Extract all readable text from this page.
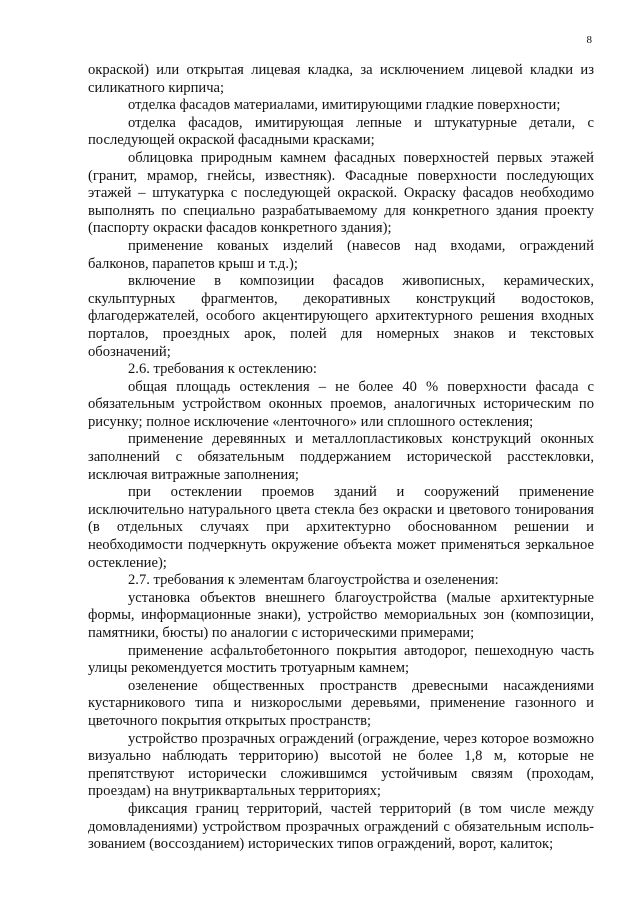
8

окраской) или открытая лицевая кладка, за исключением лицевой кладки из силикатного кирпича;

отделка фасадов материалами, имитирующими гладкие поверхности;

отделка фасадов, имитирующая лепные и штукатурные детали, с последующей окраской фасадными красками;

облицовка природным камнем фасадных поверхностей первых этажей (гранит, мрамор, гнейсы, известняк). Фасадные поверхности последующих этажей – штукатурка с последующей окраской. Окраску фасадов необходимо выполнять по специально разрабатываемому для конкретного здания проекту (паспорту окраски фасадов конкретного здания);

применение кованых изделий (навесов над входами, ограждений балконов, парапетов крыш и т.д.);

включение в композиции фасадов живописных, керамических, скульптурных фрагментов, декоративных конструкций водостоков, флагодержателей, особого акцентирующего архитектурного решения входных порталов, проездных арок, полей для номерных знаков и текстовых обозначений;

2.6. требования к остеклению:

общая площадь остекления – не более 40 % поверхности фасада с обязательным устройством оконных проемов, аналогичных историческим по рисунку; полное исключение «ленточного» или сплошного остекления;

применение деревянных и металлопластиковых конструкций оконных заполнений с обязательным поддержанием исторической расстекловки, исключая витражные заполнения;

при остеклении проемов зданий и сооружений применение исключительно натурального цвета стекла без окраски и цветового тонирования (в отдельных случаях при архитектурно обоснованном решении и необходимости подчеркнуть окружение объекта может применяться зеркальное остекление);

2.7. требования к элементам благоустройства и озеленения:

установка объектов внешнего благоустройства (малые архитектурные формы, информационные знаки), устройство мемориальных зон (композиции, памятники, бюсты) по аналогии с историческими примерами;

применение асфальтобетонного покрытия автодорог, пешеходную часть улицы рекомендуется мостить тротуарным камнем;

озеленение общественных пространств древесными насаждениями кустарникового типа и низкорослыми деревьями, применение газонного и цветочного покрытия открытых пространств;

устройство прозрачных ограждений (ограждение, через которое возможно визуально наблюдать территорию) высотой не более 1,8 м, которые не препятствуют исторически сложившимся устойчивым связям (проходам, проездам) на внутриквартальных территориях;

фиксация границ территорий, частей территорий (в том числе между домовладениями) устройством прозрачных ограждений с обязательным исполь-зованием (воссозданием) исторических типов ограждений, ворот, калиток;
